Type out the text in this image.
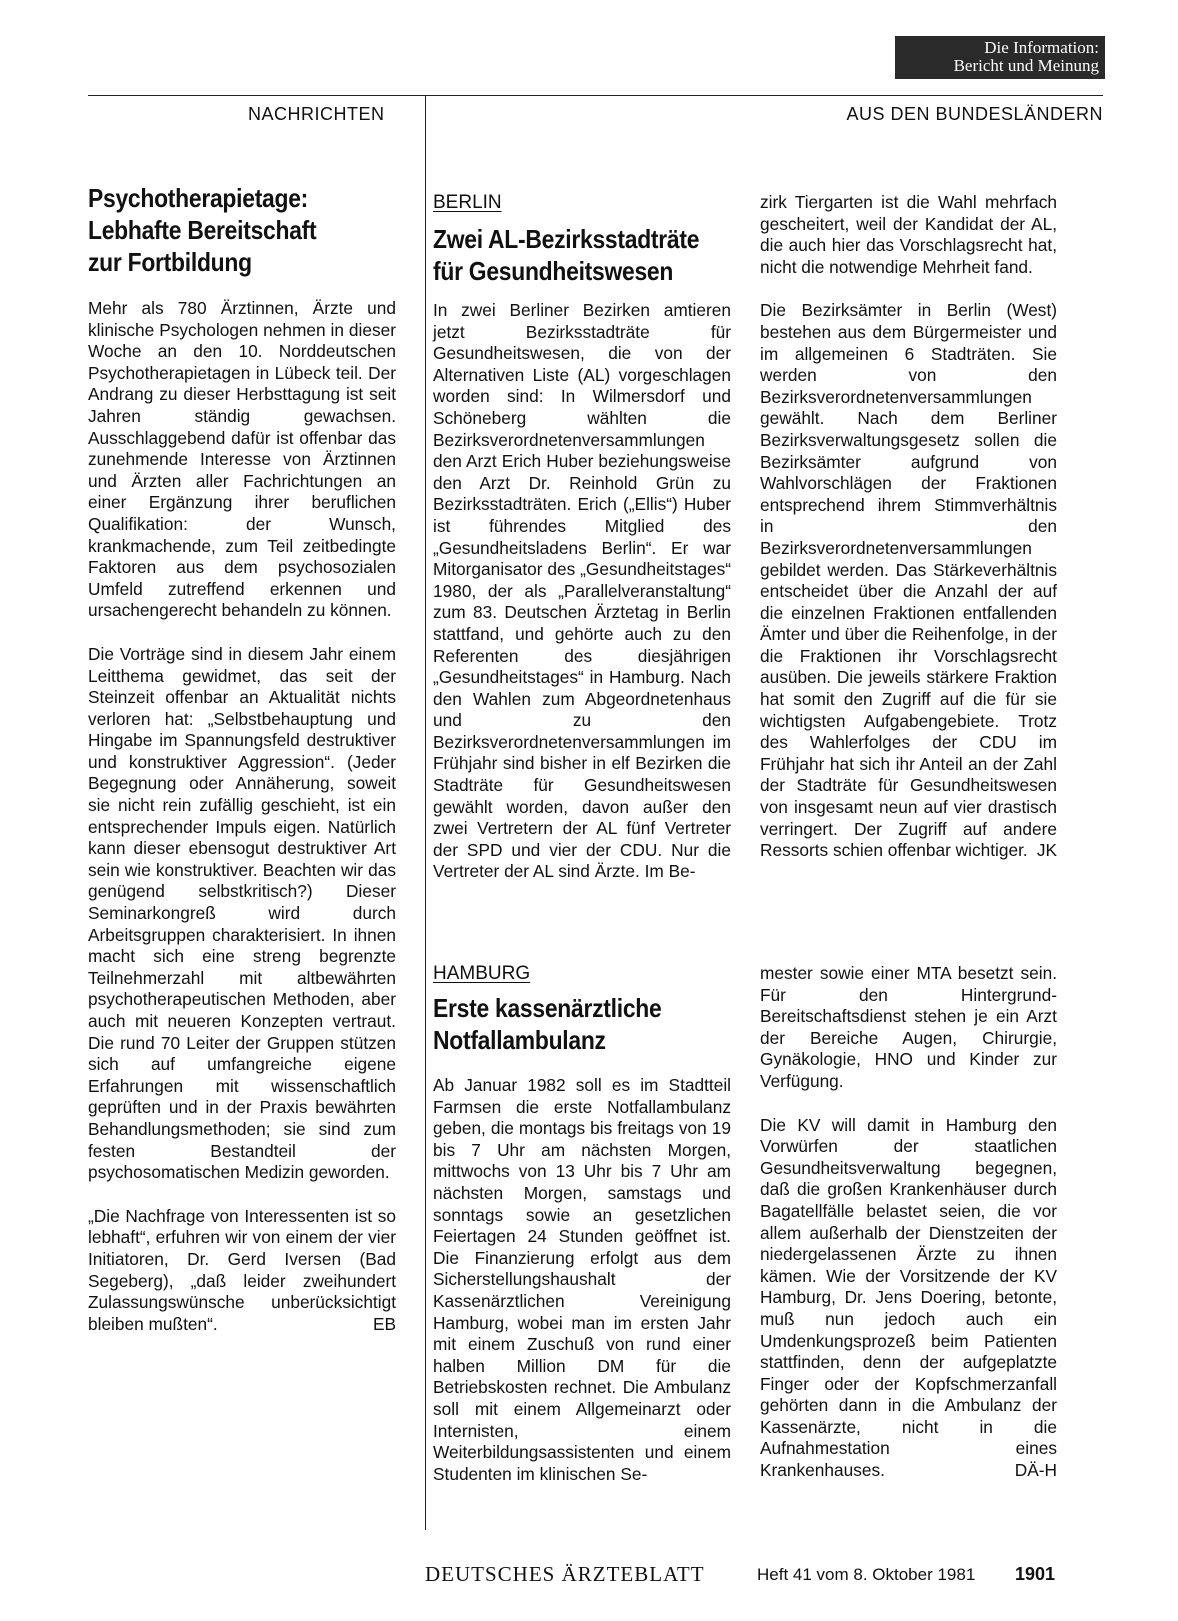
Die Information:
Bericht und Meinung
NACHRICHTEN	AUS DEN BUNDESLÄNDERN
Psychotherapietage:
Lebhafte Bereitschaft
zur Fortbildung

Mehr als 780 Ärztinnen, Ärzte und klinische Psychologen nehmen in dieser Woche an den 10. Norddeutschen Psychotherapietagen in Lübeck teil. Der Andrang zu dieser Herbsttagung ist seit Jahren ständig gewachsen. Ausschlaggebend dafür ist offenbar das zunehmende Interesse von Ärztinnen und Ärzten aller Fachrichtungen an einer Ergänzung ihrer beruflichen Qualifikation: der Wunsch, krankmachende, zum Teil zeitbedingte Faktoren aus dem psychosozialen Umfeld zutreffend erkennen und ursachengerecht behandeln zu können.

Die Vorträge sind in diesem Jahr einem Leitthema gewidmet, das seit der Steinzeit offenbar an Aktualität nichts verloren hat: „Selbstbehauptung und Hingabe im Spannungsfeld destruktiver und konstruktiver Aggression“. (Jeder Begegnung oder Annäherung, soweit sie nicht rein zufällig geschieht, ist ein entsprechender Impuls eigen. Natürlich kann dieser ebensogut destruktiver Art sein wie konstruktiver. Beachten wir das genügend selbstkritisch?) Dieser Seminarkongreß wird durch Arbeitsgruppen charakterisiert. In ihnen macht sich eine streng begrenzte Teilnehmerzahl mit altbewährten psychotherapeutischen Methoden, aber auch mit neueren Konzepten vertraut. Die rund 70 Leiter der Gruppen stützen sich auf umfangreiche eigene Erfahrungen mit wissenschaftlich geprüften und in der Praxis bewährten Behandlungsmethoden; sie sind zum festen Bestandteil der psychosomatischen Medizin geworden.

„Die Nachfrage von Interessenten ist so lebhaft“, erfuhren wir von einem der vier Initiatoren, Dr. Gerd Iversen (Bad Segeberg), „daß leider zweihundert Zulassungswünsche unberücksichtigt bleiben mußten“.	EB

BERLIN
Zwei AL-Bezirksstadträte
für Gesundheitswesen

In zwei Berliner Bezirken amtieren jetzt Bezirksstadträte für Gesundheitswesen, die von der Alternativen Liste (AL) vorgeschlagen worden sind: In Wilmersdorf und Schöneberg wählten die Bezirksverordnetenversammlungen den Arzt Erich Huber beziehungsweise den Arzt Dr. Reinhold Grün zu Bezirksstadträten. Erich („Ellis“) Huber ist führendes Mitglied des „Gesundheitsladens Berlin“. Er war Mitorganisator des „Gesundheitstages“ 1980, der als „Parallelveranstaltung“ zum 83. Deutschen Ärztetag in Berlin stattfand, und gehörte auch zu den Referenten des diesjährigen „Gesundheitstages“ in Hamburg. Nach den Wahlen zum Abgeordnetenhaus und zu den Bezirksverordnetenversammlungen im Frühjahr sind bisher in elf Bezirken die Stadträte für Gesundheitswesen gewählt worden, davon außer den zwei Vertretern der AL fünf Vertreter der SPD und vier der CDU. Nur die Vertreter der AL sind Ärzte. Im Be-

zirk Tiergarten ist die Wahl mehrfach gescheitert, weil der Kandidat der AL, die auch hier das Vorschlagsrecht hat, nicht die notwendige Mehrheit fand.

Die Bezirksämter in Berlin (West) bestehen aus dem Bürgermeister und im allgemeinen 6 Stadträten. Sie werden von den Bezirksverordnetenversammlungen gewählt. Nach dem Berliner Bezirksverwaltungsgesetz sollen die Bezirksämter aufgrund von Wahlvorschlägen der Fraktionen entsprechend ihrem Stimmverhältnis in den Bezirksverordnetenversammlungen gebildet werden. Das Stärkeverhältnis entscheidet über die Anzahl der auf die einzelnen Fraktionen entfallenden Ämter und über die Reihenfolge, in der die Fraktionen ihr Vorschlagsrecht ausüben. Die jeweils stärkere Fraktion hat somit den Zugriff auf die für sie wichtigsten Aufgabengebiete. Trotz des Wahlerfolges der CDU im Frühjahr hat sich ihr Anteil an der Zahl der Stadträte für Gesundheitswesen von insgesamt neun auf vier drastisch verringert. Der Zugriff auf andere Ressorts schien offenbar wichtiger. JK

HAMBURG
Erste kassenärztliche
Notfallambulanz

Ab Januar 1982 soll es im Stadtteil Farmsen die erste Notfallambulanz geben, die montags bis freitags von 19 bis 7 Uhr am nächsten Morgen, mittwochs von 13 Uhr bis 7 Uhr am nächsten Morgen, samstags und sonntags sowie an gesetzlichen Feiertagen 24 Stunden geöffnet ist. Die Finanzierung erfolgt aus dem Sicherstellungshaushalt der Kassenärztlichen Vereinigung Hamburg, wobei man im ersten Jahr mit einem Zuschuß von rund einer halben Million DM für die Betriebskosten rechnet. Die Ambulanz soll mit einem Allgemeinarzt oder Internisten, einem Weiterbildungsassistenten und einem Studenten im klinischen Se-

mester sowie einer MTA besetzt sein. Für den Hintergrund-Bereitschaftsdienst stehen je ein Arzt der Bereiche Augen, Chirurgie, Gynäkologie, HNO und Kinder zur Verfügung.

Die KV will damit in Hamburg den Vorwürfen der staatlichen Gesundheitsverwaltung begegnen, daß die großen Krankenhäuser durch Bagatellfälle belastet seien, die vor allem außerhalb der Dienstzeiten der niedergelassenen Ärzte zu ihnen kämen. Wie der Vorsitzende der KV Hamburg, Dr. Jens Doering, betonte, muß nun jedoch auch ein Umdenkungsprozeß beim Patienten stattfinden, denn der aufgeplatzte Finger oder der Kopfschmerzanfall gehörten dann in die Ambulanz der Kassenärzte, nicht in die Aufnahmestation eines Krankenhauses.	DÄ-H

DEUTSCHES ÄRZTEBLATT	Heft 41 vom 8. Oktober 1981 1901
